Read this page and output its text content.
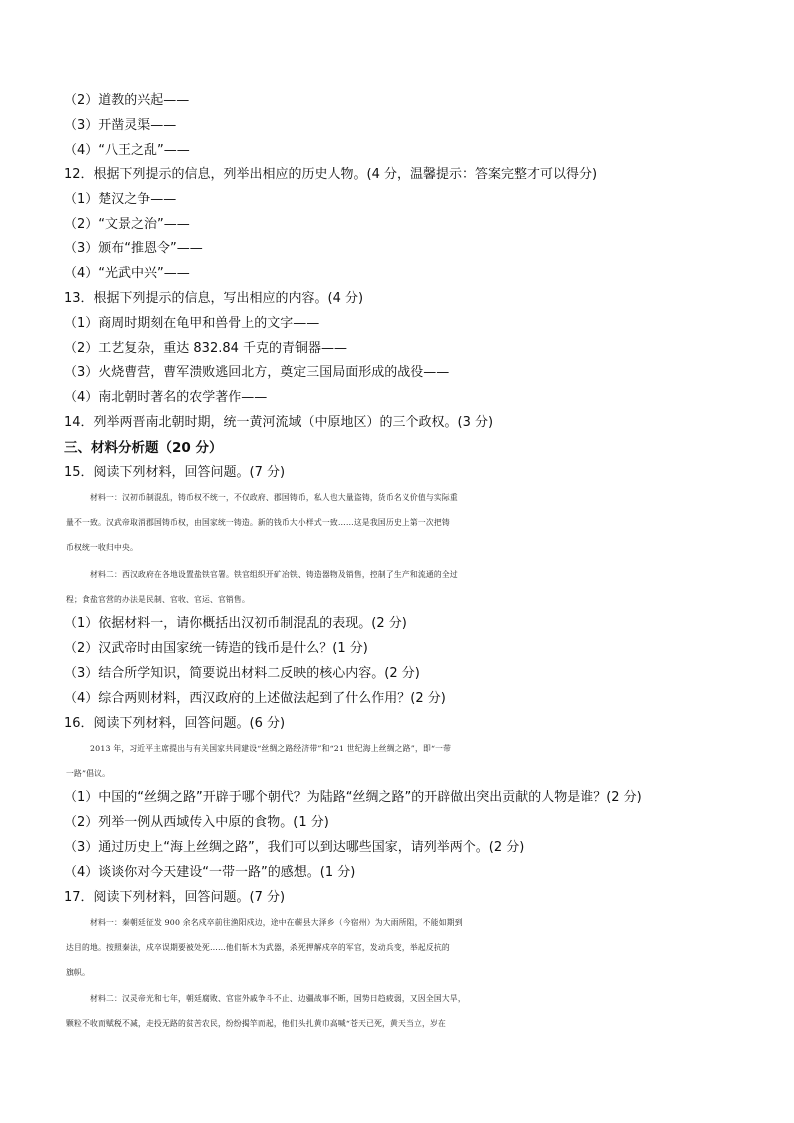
（2）道教的兴起——
（3）开凿灵渠——
（4）“八王之乱”——
12．根据下列提示的信息，列举出相应的历史人物。(4 分，温馨提示：答案完整才可以得分)
（1）楚汉之争——
（2）“文景之治”——
（3）颁布“推恩令”——
（4）“光武中兴”——
13．根据下列提示的信息，写出相应的内容。(4 分)
（1）商周时期刻在龟甲和兽骨上的文字——
（2）工艺复杂，重达 832.84 千克的青铜器——
（3）火烧曹营，曹军溃败逃回北方，奠定三国局面形成的战役——
（4）南北朝时著名的农学著作——
14．列举两晋南北朝时期，统一黄河流域（中原地区）的三个政权。(3 分)
三、材料分析题（20 分）
15．阅读下列材料，回答问题。(7 分)
材料一：汉初币制混乱，铸币权不统一，不仅政府、郡国铸币，私人也大量盗铸，货币名义价值与实际重
量不一致。汉武帝取消郡国铸币权，由国家统一铸造。新的钱币大小样式一致……这是我国历史上第一次把铸
币权统一收归中央。
材料二：西汉政府在各地设置盐铁官署。铁官组织开矿冶铁、铸造器物及销售，控制了生产和流通的全过
程；食盐官营的办法是民制、官收、官运、官销售。
（1）依据材料一，请你概括出汉初币制混乱的表现。(2 分)
（2）汉武帝时由国家统一铸造的钱币是什么？(1 分)
（3）结合所学知识，简要说出材料二反映的核心内容。(2 分)
（4）综合两则材料，西汉政府的上述做法起到了什么作用？(2 分)
16．阅读下列材料，回答问题。(6 分)
2013 年，习近平主席提出与有关国家共同建设“丝绸之路经济带”和“21 世纪海上丝绸之路”，即“一带
一路”倡议。
（1）中国的“丝绸之路”开辟于哪个朝代？为陆路“丝绸之路”的开辟做出突出贡献的人物是谁？(2 分)
（2）列举一例从西域传入中原的食物。(1 分)
（3）通过历史上“海上丝绸之路”，我们可以到达哪些国家，请列举两个。(2 分)
（4）谈谈你对今天建设“一带一路”的感想。(1 分)
17．阅读下列材料，回答问题。(7 分)
材料一：秦朝廷征发 900 余名戍卒前往渔阳戍边，途中在蕲县大泽乡（今宿州）为大雨所阻，不能如期到
达目的地。按照秦法，戍卒误期要被处死……他们斩木为武器，杀死押解戍卒的军官，发动兵变，举起反抗的
旗帜。
材料二：汉灵帝光和七年，朝廷腐败、官宦外戚争斗不止、边疆战事不断，国势日趋疲弱，又因全国大旱，
颗粒不收而赋税不减，走投无路的贫苦农民，纷纷揭竿而起，他们头扎黄巾高喊“苍天已死，黄天当立，岁在
